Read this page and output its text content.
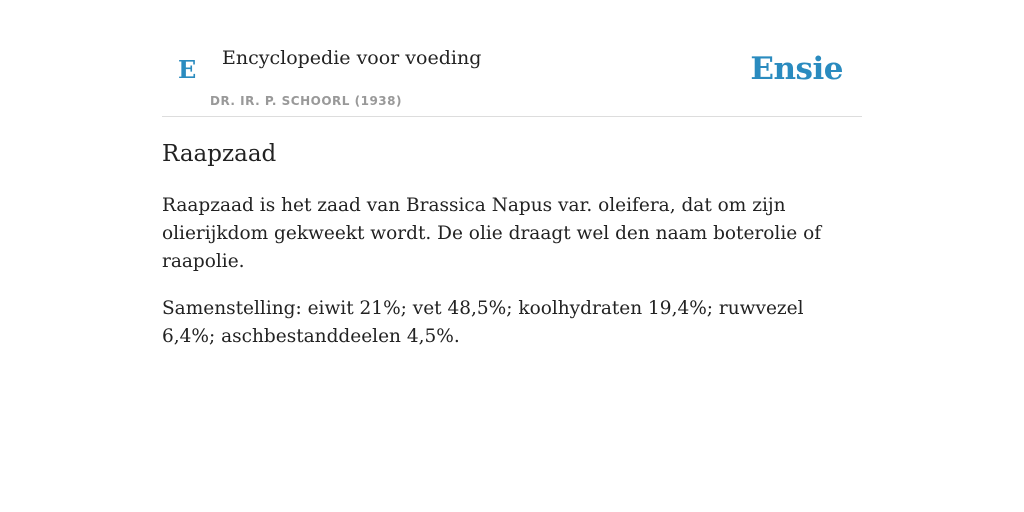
E Encyclopedie voor voeding
DR. IR. P. SCHOORL (1938)
Ensie
Raapzaad

Raapzaad is het zaad van Brassica Napus var. oleifera, dat om zijn olierijkdom gekweekt wordt. De olie draagt wel den naam boterolie of raapolie.

Samenstelling: eiwit 21%; vet 48,5%; koolhydraten 19,4%; ruwvezel 6,4%; aschbestanddeelen 4,5%.
